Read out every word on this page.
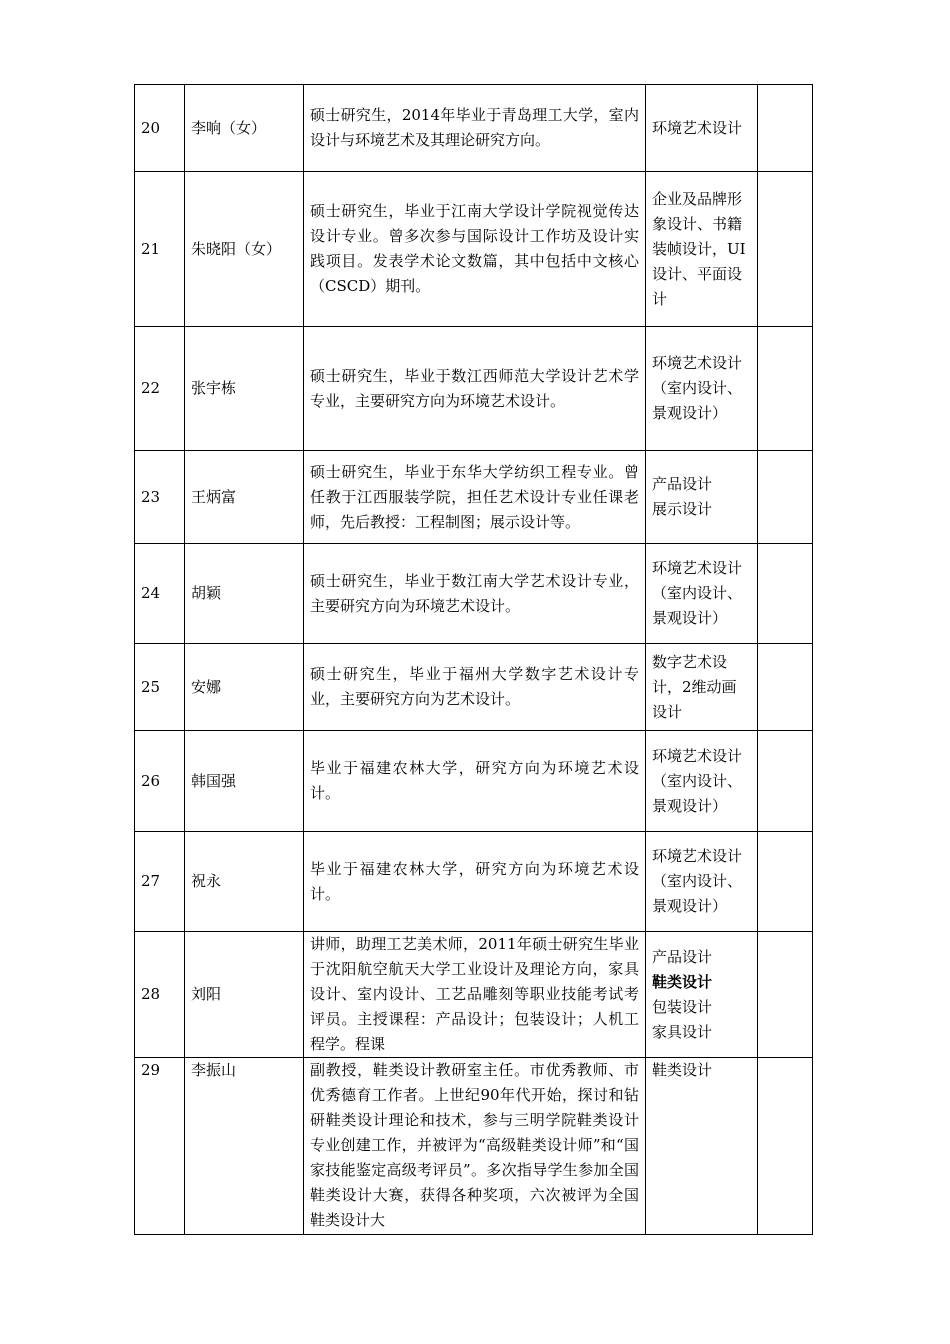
20	李响（女）	硕士研究生，2014年毕业于青岛理工大学，室内设计与环境艺术及其理论研究方向。	环境艺术设计	

21	朱晓阳（女）	硕士研究生，毕业于江南大学设计学院视觉传达设计专业。曾多次参与国际设计工作坊及设计实践项目。发表学术论文数篇，其中包括中文核心（CSCD）期刊。	企业及品牌形象设计、书籍装帧设计，UI设计、平面设计	

22	张宇栋	硕士研究生，毕业于数江西师范大学设计艺术学专业，主要研究方向为环境艺术设计。	环境艺术设计（室内设计、景观设计）	

23	王炳富	硕士研究生，毕业于东华大学纺织工程专业。曾任教于江西服装学院，担任艺术设计专业任课老师，先后教授：工程制图；展示设计等。	产品设计
展示设计	

24	胡颖	硕士研究生，毕业于数江南大学艺术设计专业，主要研究方向为环境艺术设计。	环境艺术设计（室内设计、景观设计）	

25	安娜	硕士研究生，毕业于福州大学数字艺术设计专业，主要研究方向为艺术设计。	数字艺术设计，2维动画设计	

26	韩国强	毕业于福建农林大学，研究方向为环境艺术设计。	环境艺术设计（室内设计、景观设计）	

27	祝永	毕业于福建农林大学，研究方向为环境艺术设计。	环境艺术设计（室内设计、景观设计）	

28	刘阳	讲师，助理工艺美术师，2011年硕士研究生毕业于沈阳航空航天大学工业设计及理论方向，家具设计、室内设计、工艺品雕刻等职业技能考试考评员。主授课程：产品设计；包装设计；人机工程学。程课	产品设计
鞋类设计
包装设计
家具设计	

29	李振山	副教授，鞋类设计教研室主任。市优秀教师、市优秀德育工作者。上世纪90年代开始，探讨和钻研鞋类设计理论和技术，参与三明学院鞋类设计专业创建工作，并被评为“高级鞋类设计师”和“国家技能鉴定高级考评员”。多次指导学生参加全国鞋类设计大赛，获得各种奖项，六次被评为全国鞋类设计大	鞋类设计	
